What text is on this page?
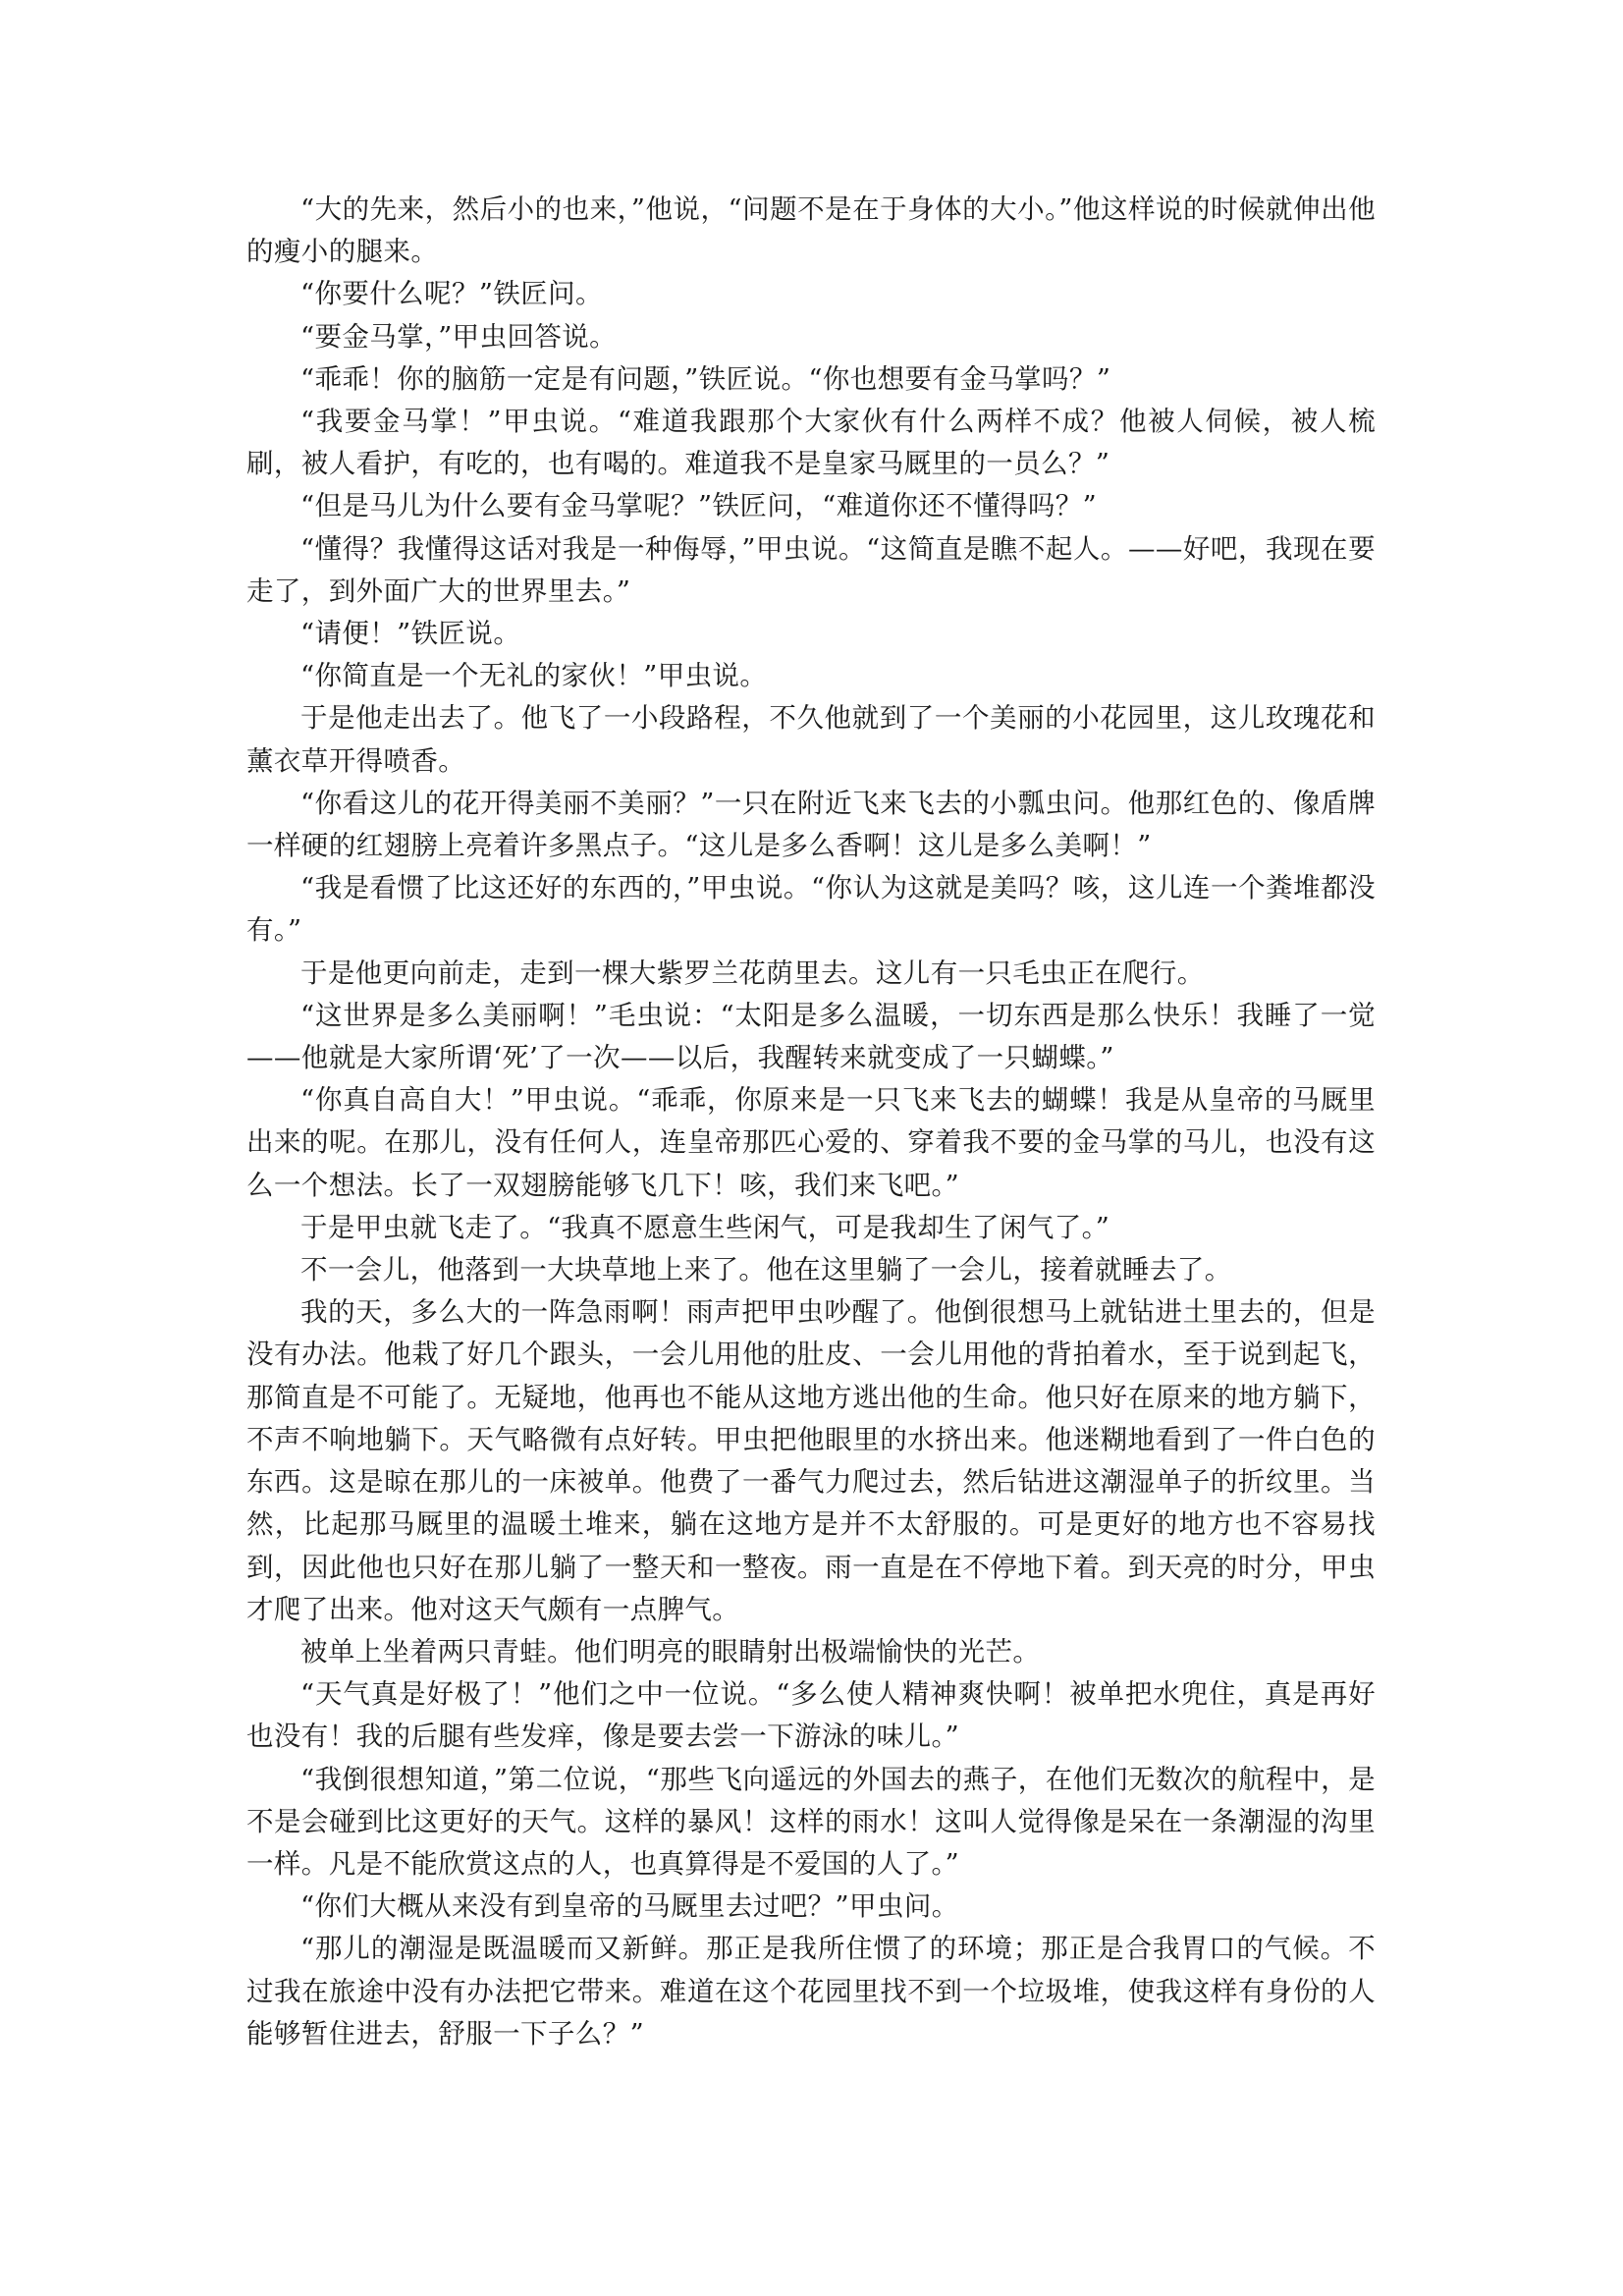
“大的先来，然后小的也来，”他说，“问题不是在于身体的大小。”他这样说的时候就伸出他的瘦小的腿来。

“你要什么呢？”铁匠问。

“要金马掌，”甲虫回答说。

“乖乖！你的脑筋一定是有问题，”铁匠说。“你也想要有金马掌吗？”

“我要金马掌！”甲虫说。“难道我跟那个大家伙有什么两样不成？他被人伺候，被人梳刷，被人看护，有吃的，也有喝的。难道我不是皇家马厩里的一员么？”

“但是马儿为什么要有金马掌呢？”铁匠问，“难道你还不懂得吗？”

“懂得？我懂得这话对我是一种侮辱，”甲虫说。“这简直是瞧不起人。——好吧，我现在要走了，到外面广大的世界里去。”

“请便！”铁匠说。

“你简直是一个无礼的家伙！”甲虫说。

于是他走出去了。他飞了一小段路程，不久他就到了一个美丽的小花园里，这儿玫瑰花和薰衣草开得喷香。

“你看这儿的花开得美丽不美丽？”一只在附近飞来飞去的小瓢虫问。他那红色的、像盾牌一样硬的红翅膀上亮着许多黑点子。“这儿是多么香啊！这儿是多么美啊！”

“我是看惯了比这还好的东西的，”甲虫说。“你认为这就是美吗？咳，这儿连一个粪堆都没有。”

于是他更向前走，走到一棵大紫罗兰花荫里去。这儿有一只毛虫正在爬行。

“这世界是多么美丽啊！”毛虫说：“太阳是多么温暖，一切东西是那么快乐！我睡了一觉——他就是大家所谓‘死’了一次——以后，我醒转来就变成了一只蝴蝶。”

“你真自高自大！”甲虫说。“乖乖，你原来是一只飞来飞去的蝴蝶！我是从皇帝的马厩里出来的呢。在那儿，没有任何人，连皇帝那匹心爱的、穿着我不要的金马掌的马儿，也没有这么一个想法。长了一双翅膀能够飞几下！咳，我们来飞吧。”

于是甲虫就飞走了。“我真不愿意生些闲气，可是我却生了闲气了。”

不一会儿，他落到一大块草地上来了。他在这里躺了一会儿，接着就睡去了。

我的天，多么大的一阵急雨啊！雨声把甲虫吵醒了。他倒很想马上就钻进土里去的，但是没有办法。他栽了好几个跟头，一会儿用他的肚皮、一会儿用他的背拍着水，至于说到起飞，那简直是不可能了。无疑地，他再也不能从这地方逃出他的生命。他只好在原来的地方躺下，不声不响地躺下。天气略微有点好转。甲虫把他眼里的水挤出来。他迷糊地看到了一件白色的东西。这是晾在那儿的一床被单。他费了一番气力爬过去，然后钻进这潮湿单子的折纹里。当然，比起那马厩里的温暖土堆来，躺在这地方是并不太舒服的。可是更好的地方也不容易找到，因此他也只好在那儿躺了一整天和一整夜。雨一直是在不停地下着。到天亮的时分，甲虫才爬了出来。他对这天气颇有一点脾气。

被单上坐着两只青蛙。他们明亮的眼睛射出极端愉快的光芒。

“天气真是好极了！”他们之中一位说。“多么使人精神爽快啊！被单把水兜住，真是再好也没有！我的后腿有些发痒，像是要去尝一下游泳的味儿。”

“我倒很想知道，”第二位说，“那些飞向遥远的外国去的燕子，在他们无数次的航程中，是不是会碰到比这更好的天气。这样的暴风！这样的雨水！这叫人觉得像是呆在一条潮湿的沟里一样。凡是不能欣赏这点的人，也真算得是不爱国的人了。”

“你们大概从来没有到皇帝的马厩里去过吧？”甲虫问。

“那儿的潮湿是既温暖而又新鲜。那正是我所住惯了的环境；那正是合我胃口的气候。不过我在旅途中没有办法把它带来。难道在这个花园里找不到一个垃圾堆，使我这样有身份的人能够暂住进去，舒服一下子么？”
